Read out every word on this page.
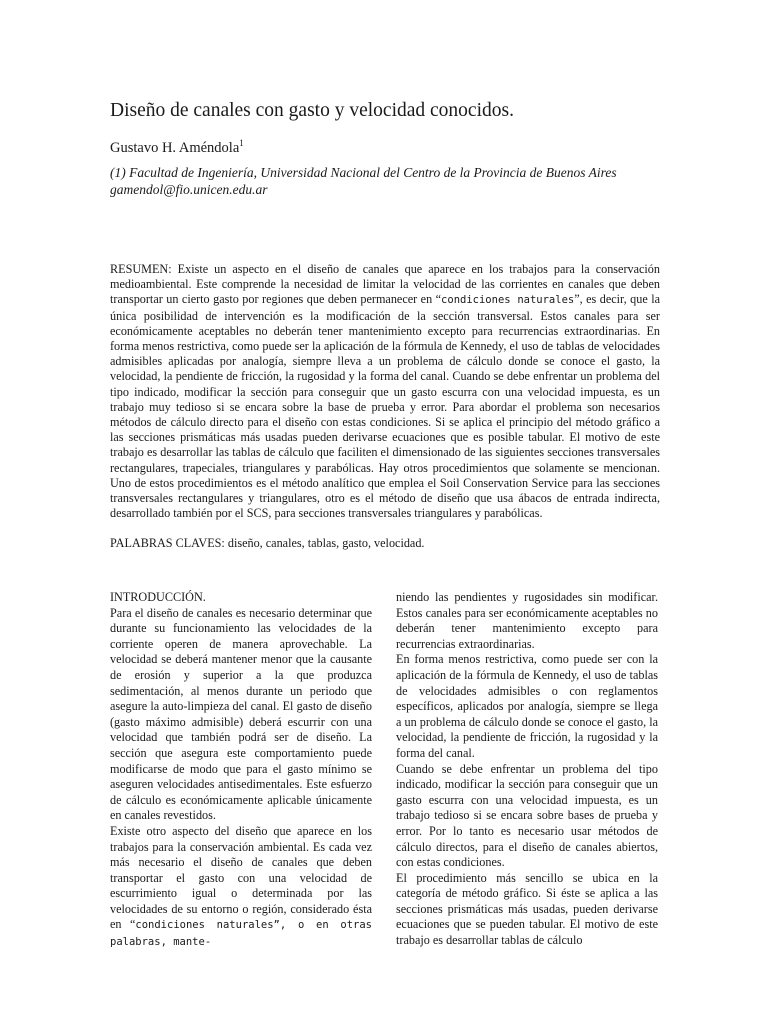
Diseño de canales con gasto y velocidad conocidos.
Gustavo H. Améndola$^1$
(1) Facultad de Ingeniería, Universidad Nacional del Centro de la Provincia de Buenos Aires
gamendol@fio.unicen.edu.ar

RESUMEN: Existe un aspecto en el diseño de canales que aparece en los trabajos para la conservación medioambiental. Este comprende la necesidad de limitar la velocidad de las corrientes en canales que deben transportar un cierto gasto por regiones que deben permanecer en “condiciones naturales”, es decir, que la única posibilidad de intervención es la modificación de la sección transversal. Estos canales para ser económicamente aceptables no deberán tener mantenimiento excepto para recurrencias extraordinarias. En forma menos restrictiva, como puede ser la aplicación de la fórmula de Kennedy, el uso de tablas de velocidades admisibles aplicadas por analogía, siempre lleva a un problema de cálculo donde se conoce el gasto, la velocidad, la pendiente de fricción, la rugosidad y la forma del canal. Cuando se debe enfrentar un problema del tipo indicado, modificar la sección para conseguir que un gasto escurra con una velocidad impuesta, es un trabajo muy tedioso si se encara sobre la base de prueba y error. Para abordar el problema son necesarios métodos de cálculo directo para el diseño con estas condiciones. Si se aplica el principio del método gráfico a las secciones prismáticas más usadas pueden derivarse ecuaciones que es posible tabular. El motivo de este trabajo es desarrollar las tablas de cálculo que faciliten el dimensionado de las siguientes secciones transversales rectangulares, trapeciales, triangulares y parabólicas. Hay otros procedimientos que solamente se mencionan. Uno de estos procedimientos es el método analítico que emplea el Soil Conservation Service para las secciones transversales rectangulares y triangulares, otro es el método de diseño que usa ábacos de entrada indirecta, desarrollado también por el SCS, para secciones transversales triangulares y parabólicas.

PALABRAS CLAVES: diseño, canales, tablas, gasto, velocidad.

INTRODUCCIÓN.

Para el diseño de canales es necesario determinar que durante su funcionamiento las velocidades de la corriente operen de manera aprovechable. La velocidad se deberá mantener menor que la causante de erosión y superior a la que produzca sedimentación, al menos durante un periodo que asegure la auto-limpieza del canal. El gasto de diseño (gasto máximo admisible) deberá escurrir con una velocidad que también podrá ser de diseño. La sección que asegura este comportamiento puede modificarse de modo que para el gasto mínimo se aseguren velocidades antisedimentales. Este esfuerzo de cálculo es económicamente aplicable únicamente en canales revestidos.

Existe otro aspecto del diseño que aparece en los trabajos para la conservación ambiental. Es cada vez más necesario el diseño de canales que deben transportar el gasto con una velocidad de escurrimiento igual o determinada por las velocidades de su entorno o región, considerado ésta en “condiciones naturales”, o en otras palabras, mante-

niendo las pendientes y rugosidades sin modificar. Estos canales para ser económicamente aceptables no deberán tener mantenimiento excepto para recurrencias extraordinarias.

En forma menos restrictiva, como puede ser con la aplicación de la fórmula de Kennedy, el uso de tablas de velocidades admisibles o con reglamentos específicos, aplicados por analogía, siempre se llega a un problema de cálculo donde se conoce el gasto, la velocidad, la pendiente de fricción, la rugosidad y la forma del canal.

Cuando se debe enfrentar un problema del tipo indicado, modificar la sección para conseguir que un gasto escurra con una velocidad impuesta, es un trabajo tedioso si se encara sobre bases de prueba y error. Por lo tanto es necesario usar métodos de cálculo directos, para el diseño de canales abiertos, con estas condiciones.

El procedimiento más sencillo se ubica en la categoría de método gráfico. Si éste se aplica a las secciones prismáticas más usadas, pueden derivarse ecuaciones que se pueden tabular. El motivo de este trabajo es desarrollar tablas de cálculo
